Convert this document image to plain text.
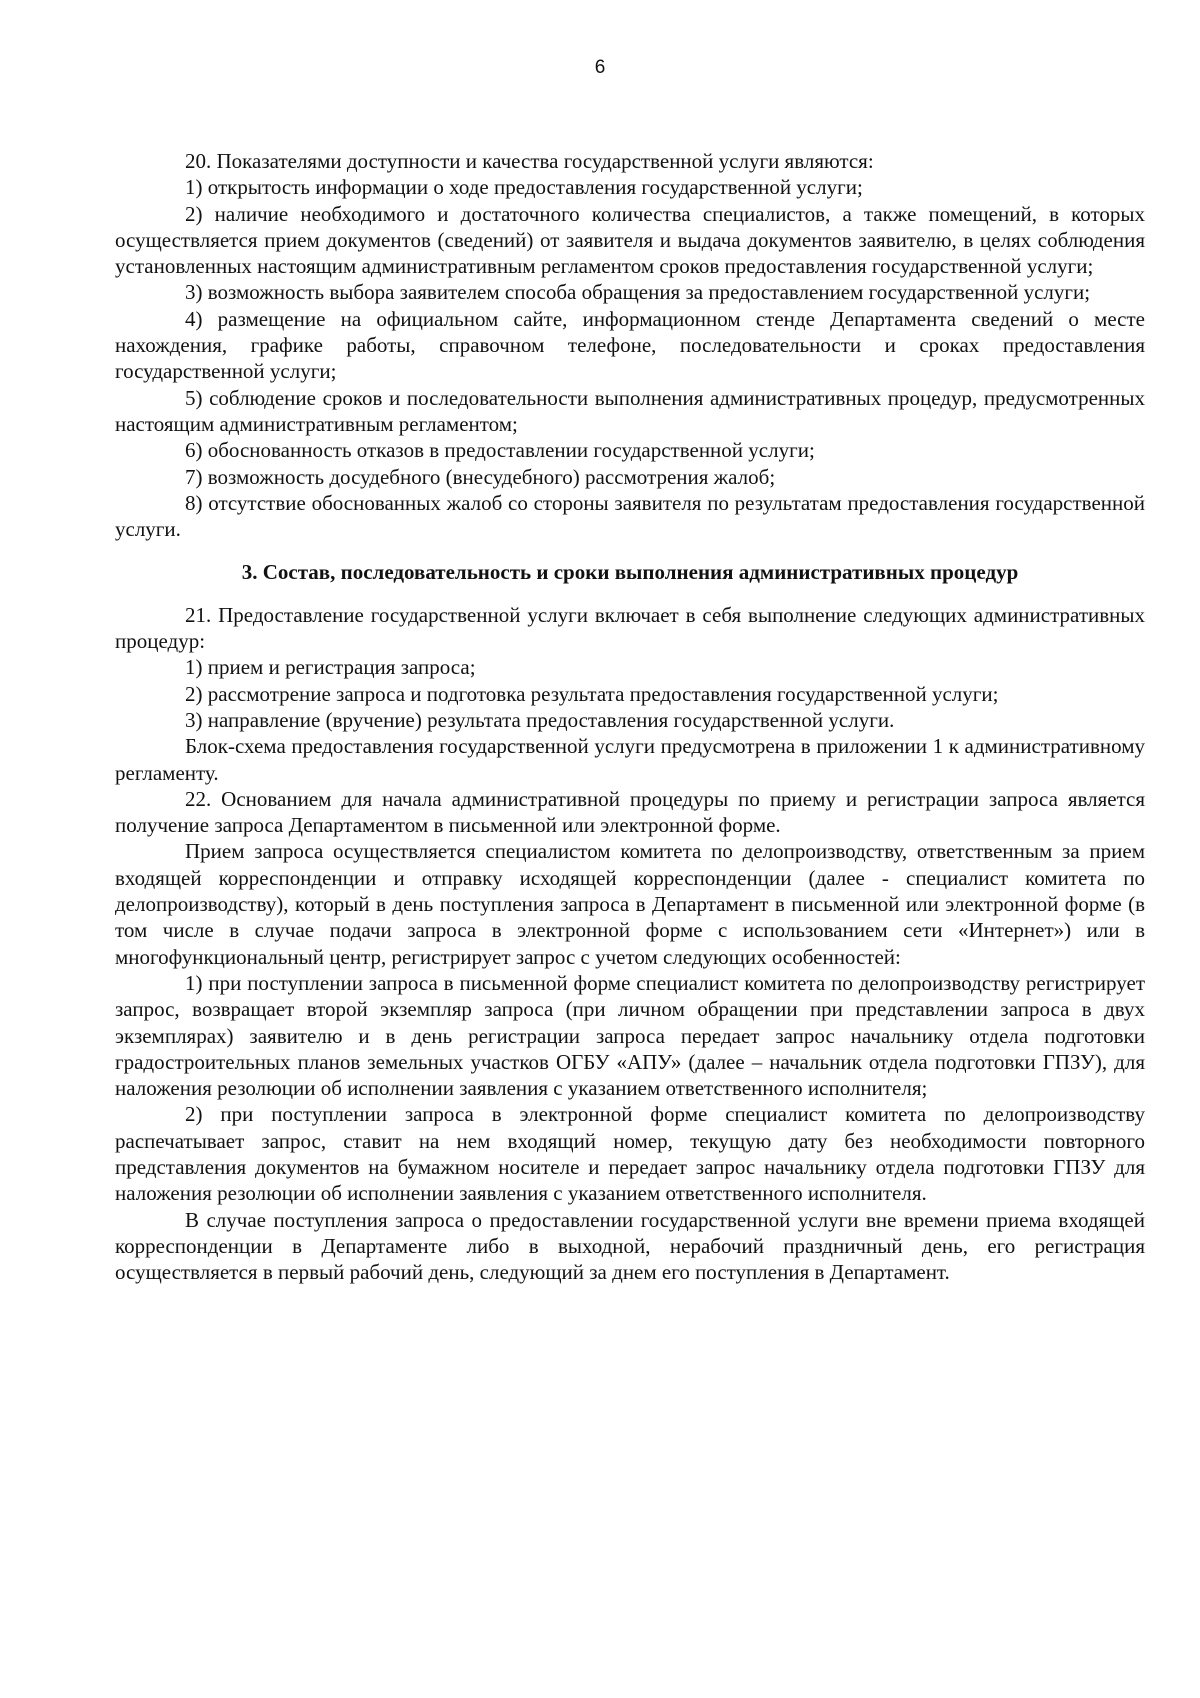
6

20. Показателями доступности и качества государственной услуги являются:

1) открытость информации о ходе предоставления государственной услуги;

2) наличие необходимого и достаточного количества специалистов, а также помещений, в которых осуществляется прием документов (сведений) от заявителя и выдача документов заявителю, в целях соблюдения установленных настоящим административным регламентом сроков предоставления государственной услуги;

3) возможность выбора заявителем способа обращения за предоставлением государственной услуги;

4) размещение на официальном сайте, информационном стенде Департамента сведений о месте нахождения, графике работы, справочном телефоне, последовательности и сроках предоставления государственной услуги;

5) соблюдение сроков и последовательности выполнения административных процедур, предусмотренных настоящим административным регламентом;

6) обоснованность отказов в предоставлении государственной услуги;

7) возможность досудебного (внесудебного) рассмотрения жалоб;

8) отсутствие обоснованных жалоб со стороны заявителя по результатам предоставления государственной услуги.

3. Состав, последовательность и сроки выполнения административных процедур

21. Предоставление государственной услуги включает в себя выполнение следующих административных процедур:

1) прием и регистрация запроса;

2) рассмотрение запроса и подготовка результата предоставления государственной услуги;

3) направление (вручение) результата предоставления государственной услуги.

Блок-схема предоставления государственной услуги предусмотрена в приложении 1 к административному регламенту.

22. Основанием для начала административной процедуры по приему и регистрации запроса является получение запроса Департаментом в письменной или электронной форме.

Прием запроса осуществляется специалистом комитета по делопроизводству, ответственным за прием входящей корреспонденции и отправку исходящей корреспонденции (далее - специалист комитета по делопроизводству), который в день поступления запроса в Департамент в письменной или электронной форме (в том числе в случае подачи запроса в электронной форме с использованием сети «Интернет») или в многофункциональный центр, регистрирует запрос с учетом следующих особенностей:

1) при поступлении запроса в письменной форме специалист комитета по делопроизводству регистрирует запрос, возвращает второй экземпляр запроса (при личном обращении при представлении запроса в двух экземплярах) заявителю и в день регистрации запроса передает запрос начальнику отдела подготовки градостроительных планов земельных участков ОГБУ «АПУ» (далее – начальник отдела подготовки ГПЗУ), для наложения резолюции об исполнении заявления с указанием ответственного исполнителя;

2) при поступлении запроса в электронной форме специалист комитета по делопроизводству распечатывает запрос, ставит на нем входящий номер, текущую дату без необходимости повторного представления документов на бумажном носителе и передает запрос начальнику отдела подготовки ГПЗУ для наложения резолюции об исполнении заявления с указанием ответственного исполнителя.

В случае поступления запроса о предоставлении государственной услуги вне времени приема входящей корреспонденции в Департаменте либо в выходной, нерабочий праздничный день, его регистрация осуществляется в первый рабочий день, следующий за днем его поступления в Департамент.
